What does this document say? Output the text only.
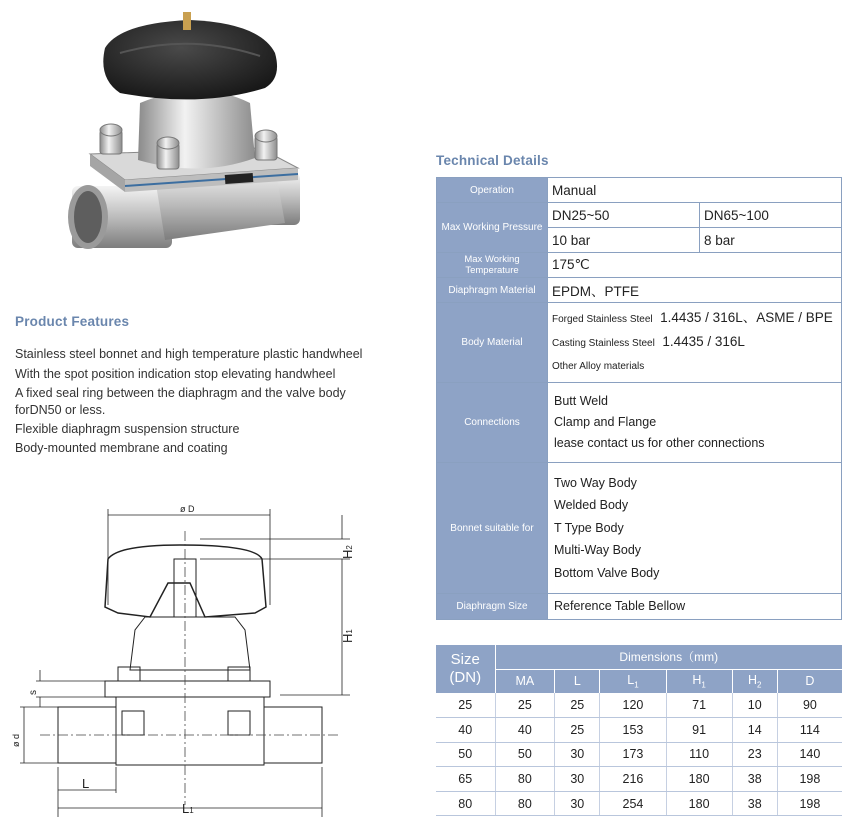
Product Features
Stainless steel bonnet and high temperature plastic handwheel
With the spot position indication stop elevating handwheel
A fixed seal ring between the diaphragm and the valve body
forDN50 or less.
Flexible diaphragm suspension structure
Body-mounted membrane and coating
ø D
H2
H1
s
ø d
L
L1
Technical Details
Operation	Manual	
Max Working Pressure	DN25~50	DN65~100
	10 bar	8 bar
Max Working Temperature	175℃	
Diaphragm Material	EPDM、PTFE	
Body Material	Forged Stainless Steel 1.4435 / 316L、ASME / BPE
Casting Stainless Steel 1.4435 / 316L
Other Alloy materials	

Connections	Butt Weld
Clamp and Flange
lease contact us for other connections	

Bonnet suitable for	Two Way Body
Welded Body
T Type Body
Multi-Way Body
Bottom Valve Body	

Diaphragm Size	Reference Table Bellow	
Size
(DN)	Dimensions（mm)					
	MA	L	$L_1$	$H_1$	$H_2$	D
25	25	25	120	71	10	90
40	40	25	153	91	14	114
50	50	30	173	110	23	140
65	80	30	216	180	38	198
80	80	30	254	180	38	198
